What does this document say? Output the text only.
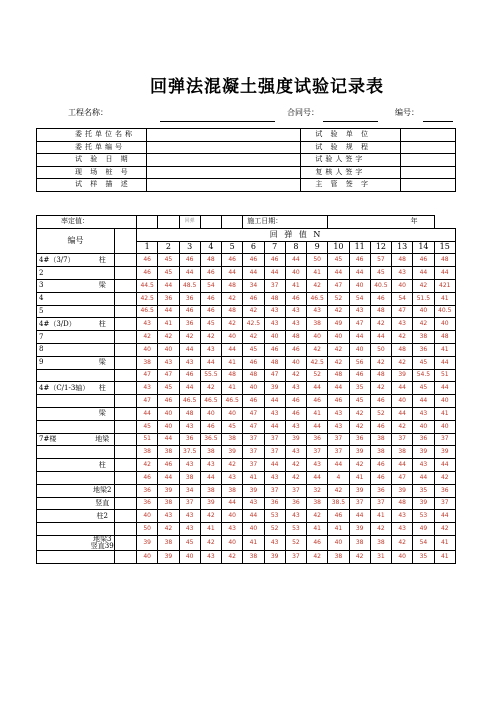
回弹法混凝土强度试验记录表
工程名称：	合同号：	编号：
委托单位名称		试 验 单 位	
委托单编号		试 验 规 程	
试 验 日 期		试验人签字	
现 场 桩 号		复核人签字	
试 样 描 述		主 管 签 字	
率定值：					回弹			施工日期：				年					
编号			回 弹 值 N														
			1	2	3	4	5	6	7	8	9	10	11	12	13	14	15
4#（3/7）	柱		46	45	46	48	46	46	46	44	50	45	46	57	48	46	48
2			46	45	44	46	44	44	44	40	41	44	44	45	43	44	44
3	梁		44.5	44	48.5	54	48	34	37	41	42	47	40	40.5	40	42	421
4			42.5	36	36	46	42	46	48	46	46.5	52	54	46	54	51.5	41
5			46.5	44	46	46	48	42	43	43	43	42	43	48	47	40	40.5
4#（3/D）	柱		43	41	36	45	42	42.5	43	43	38	49	47	42	43	42	40
7			42	42	42	42	40	42	40	48	40	40	44	44	42	38	48
8			40	40	44	43	44	45	46	46	42	42	40	50	48	36	41
9	梁		38	43	43	44	41	46	48	40	42.5	42	56	42	42	45	44
			47	47	46	55.5	48	48	47	42	52	48	46	48	39	54.5	51
4#（C/1-3轴）	柱		43	45	44	42	41	40	39	43	44	44	35	42	44	45	44
			47	46	46.5	46.5	46.5	46	44	46	46	46	45	46	40	44	40
	梁		44	40	48	40	40	47	43	46	41	43	42	52	44	43	41
			45	40	43	46	45	47	44	43	44	43	42	46	42	40	40
7#楼	地梁		51	44	36	36.5	38	37	37	39	36	37	36	38	37	36	37
			38	38	37.5	38	39	37	37	43	37	37	39	38	38	39	39
	柱		42	46	43	43	42	37	44	42	43	44	42	46	44	43	44
			46	44	38	44	43	41	43	42	44	4	41	46	47	44	42
	地梁2		36	39	34	38	38	39	37	37	32	42	39	36	39	35	36
	竖直		36	38	37	39	44	43	36	36	38	38.5	37	37	48	39	37
	柱2		40	43	43	42	40	44	53	43	42	46	44	41	43	53	44
			50	42	43	41	43	40	52	53	41	41	39	42	43	49	42
	地梁3竖直39		39	38	45	42	40	41	43	52	46	40	38	38	42	54	41
			40	39	40	43	42	38	39	37	42	38	42	31	40	35	41
